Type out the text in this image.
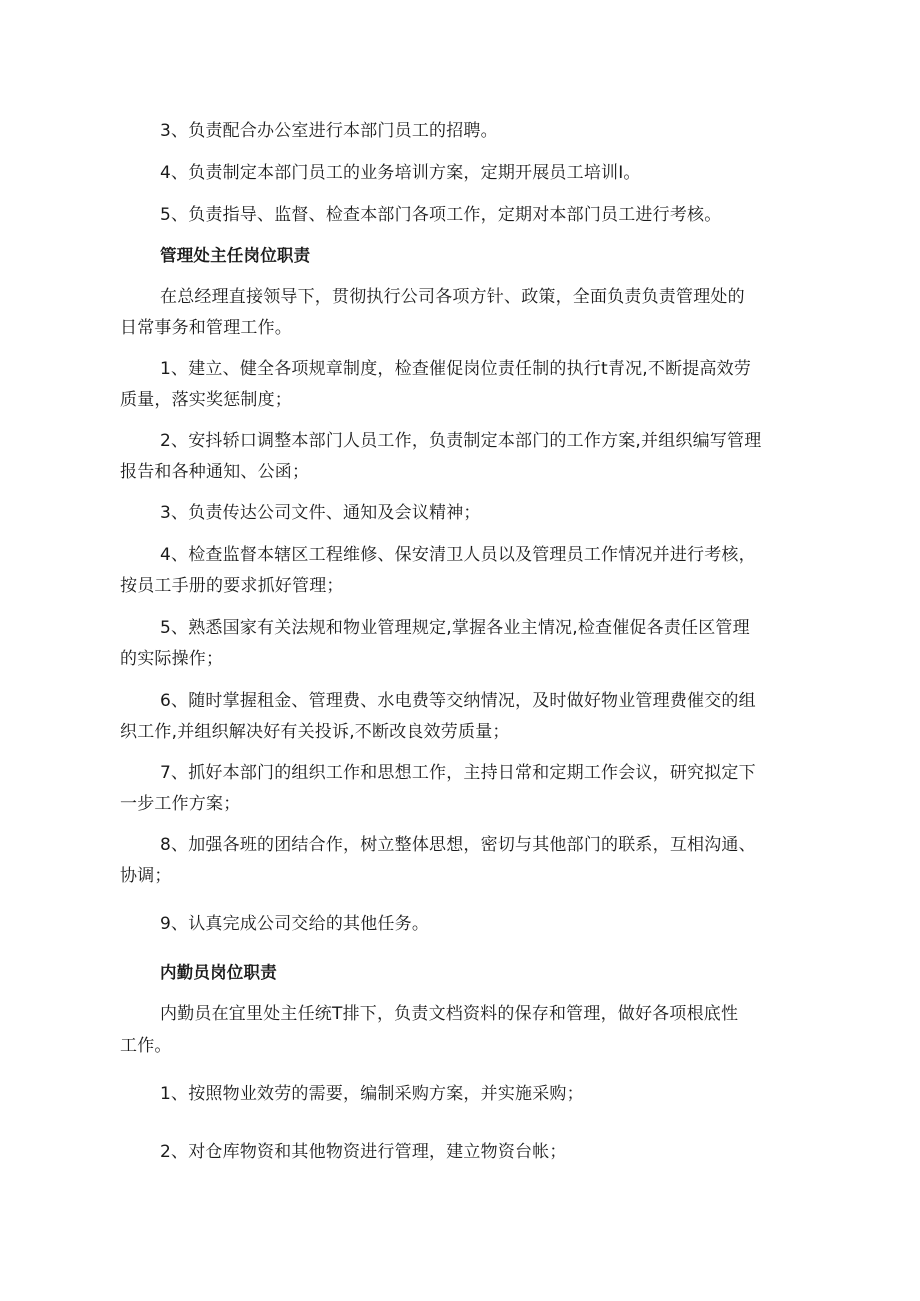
3、负责配合办公室进行本部门员工的招聘。
4、负责制定本部门员工的业务培训方案，定期开展员工培训I。
5、负责指导、监督、检查本部门各项工作，定期对本部门员工进行考核。
管理处主任岗位职责
在总经理直接领导下，贯彻执行公司各项方针、政策，全面负责负责管理处的
日常事务和管理工作。
1、建立、健全各项规章制度，检查催促岗位责任制的执行t青况,不断提高效劳
质量，落实奖惩制度；
2、安抖轿口调整本部门人员工作，负责制定本部门的工作方案,并组织编写管理
报告和各种通知、公函；
3、负责传达公司文件、通知及会议精神；
4、检查监督本辖区工程维修、保安清卫人员以及管理员工作情况并进行考核，
按员工手册的要求抓好管理；
5、熟悉国家有关法规和物业管理规定,掌握各业主情况,检查催促各责任区管理
的实际操作；
6、随时掌握租金、管理费、水电费等交纳情况，及时做好物业管理费催交的组
织工作,并组织解决好有关投诉,不断改良效劳质量；
7、抓好本部门的组织工作和思想工作，主持日常和定期工作会议，研究拟定下
一步工作方案；
8、加强各班的团结合作，树立整体思想，密切与其他部门的联系，互相沟通、
协调；
9、认真完成公司交给的其他任务。
内勤员岗位职责
内勤员在宜里处主任统T排下，负责文档资料的保存和管理，做好各项根底性
工作。
1、按照物业效劳的需要，编制采购方案，并实施采购；
2、对仓库物资和其他物资进行管理，建立物资台帐；
